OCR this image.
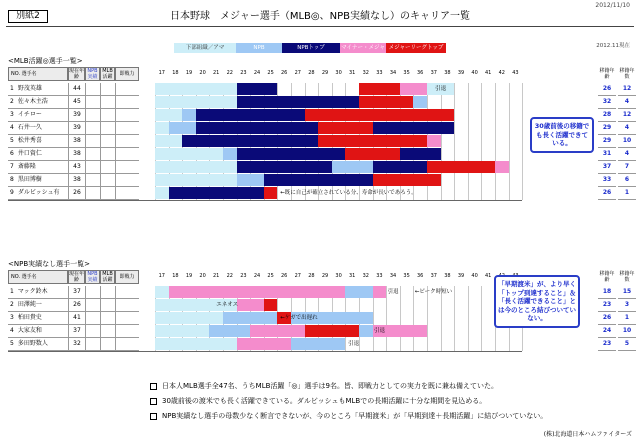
2012/11/10
別紙2	日本野球　メジャー選手（MLB◎、NPB実績なし）のキャリア一覧
下部組織／アマ	NPB	NPBトップ	マイナー・メジャーリーグ
メジャーリーグトップ	2012.11現在
<MLB活躍◎選手一覧>
NO. 選手名	現在年齢
NPB実績
MLB活躍	即戦力	17	18	19	20	21	22	23	24	25	26	27	28	29	30	31	32	33	34	35	36	37	38	39	40	41	42	43	移籍年齢
移籍年数
1 野茂英雄	44	26	12
2 佐々木主浩	45	32	4
3 イチロー	39	28	12
4 石井一久	39	29	4
5 松井秀喜	38	29	10
6 井口資仁	38	31	4
7 斎藤隆	43	37	7
8 黒田博樹	38	33	6
9 ダルビッシュ有	26	26	1
引退
←既に自己が確立されている分、寿命が長いであろう。
<NPB実績なし選手一覧>
NO. 選手名	現在年齢
NPB実績
MLB活躍	即戦力	17	18	19	20	21	22	23	24	25	26	27	28	29	30	31	32	33	34	35	36	37	38	39	40	41	移籍年齢
移籍年数
1 マック鈴木	37	18	15
2 田澤純一	26	23	3
3 柏田貴史	41	26	1
4 大家友和	37	24	10
5 多田野数人	32	23	5
引退	←ピーク時短い
エネオス
←ケガで出遅れ
引退
引退
30歳前後の移籍でも長く活躍できている。
「早期渡米」が、より早く「トップ到達すること」＆「長く活躍できること」とは今のところ結びついていない。
日本人MLB選手全47名、うちMLB活躍「◎」選手は9名。皆、即戦力としての実力を既に兼ね備えていた。
30歳前後の渡米でも長く活躍できている。ダルビッシュもMLBでの長期活躍に十分な期間を見込める。
NPB実績なし選手の母数少なく断言できないが、今のところ「早期渡米」が「早期到達＋長期活躍」に結びついていない。
(株)北海道日本ハムファイターズ
